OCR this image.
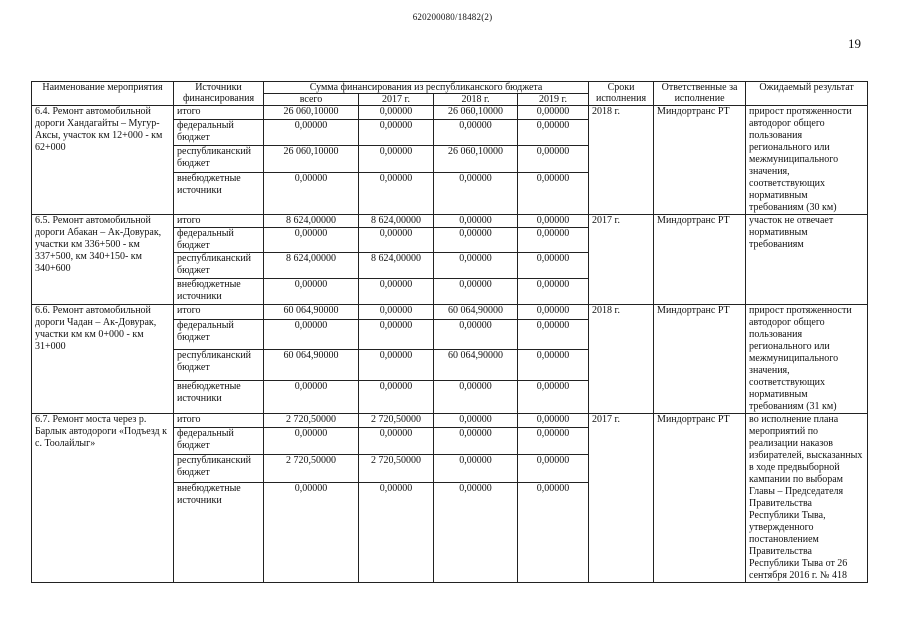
620200080/18482(2)
19
Наименование мероприятия	Источники финансирования	Сумма финансирования из республиканского бюджета				Сроки исполнения	Ответственные за исполнение	Ожидаемый результат
		всего	2017 г.	2018 г.	2019 г.			
6.4. Ремонт автомобильной дороги Хандагайты – Мугур-Аксы, участок км 12+000 - км 62+000	итого	26 060,10000	0,00000	26 060,10000	0,00000	2018 г.	Миндортранс РТ	прирост протяженности автодорог общего пользования регионального или межмуниципального значения, соответствующих нормативным требованиям (30 км)
	федеральный бюджет	0,00000	0,00000	0,00000	0,00000			
	республиканский бюджет	26 060,10000	0,00000	26 060,10000	0,00000			
	внебюджетные источники	0,00000	0,00000	0,00000	0,00000			
6.5. Ремонт автомобильной дороги Абакан – Ак-Довурак, участки км 336+500 - км 337+500, км 340+150- км 340+600	итого	8 624,00000	8 624,00000	0,00000	0,00000	2017 г.	Миндортранс РТ	участок не отвечает нормативным требованиям
	федеральный бюджет	0,00000	0,00000	0,00000	0,00000			
	республиканский бюджет	8 624,00000	8 624,00000	0,00000	0,00000			
	внебюджетные источники	0,00000	0,00000	0,00000	0,00000			
6.6. Ремонт автомобильной дороги Чадан – Ак-Довурак, участки км км 0+000 - км 31+000	итого	60 064,90000	0,00000	60 064,90000	0,00000	2018 г.	Миндортранс РТ	прирост протяженности автодорог общего пользования регионального или межмуниципального значения, соответствующих нормативным требованиям (31 км)
	федеральный бюджет	0,00000	0,00000	0,00000	0,00000			
	республиканский бюджет	60 064,90000	0,00000	60 064,90000	0,00000			
	внебюджетные источники	0,00000	0,00000	0,00000	0,00000			
6.7. Ремонт моста через р. Барлык автодороги «Подъезд к с. Тоолайлыг»	итого	2 720,50000	2 720,50000	0,00000	0,00000	2017 г.	Миндортранс РТ	во исполнение плана мероприятий по реализации наказов избирателей, высказанных в ходе предвыборной кампании по выборам Главы – Председателя Правительства Республики Тыва, утвержденного постановлением Правительства Республики Тыва от 26 сентября 2016 г. № 418
	федеральный бюджет	0,00000	0,00000	0,00000	0,00000			
	республиканский бюджет	2 720,50000	2 720,50000	0,00000	0,00000			
	внебюджетные источники	0,00000	0,00000	0,00000	0,00000			
